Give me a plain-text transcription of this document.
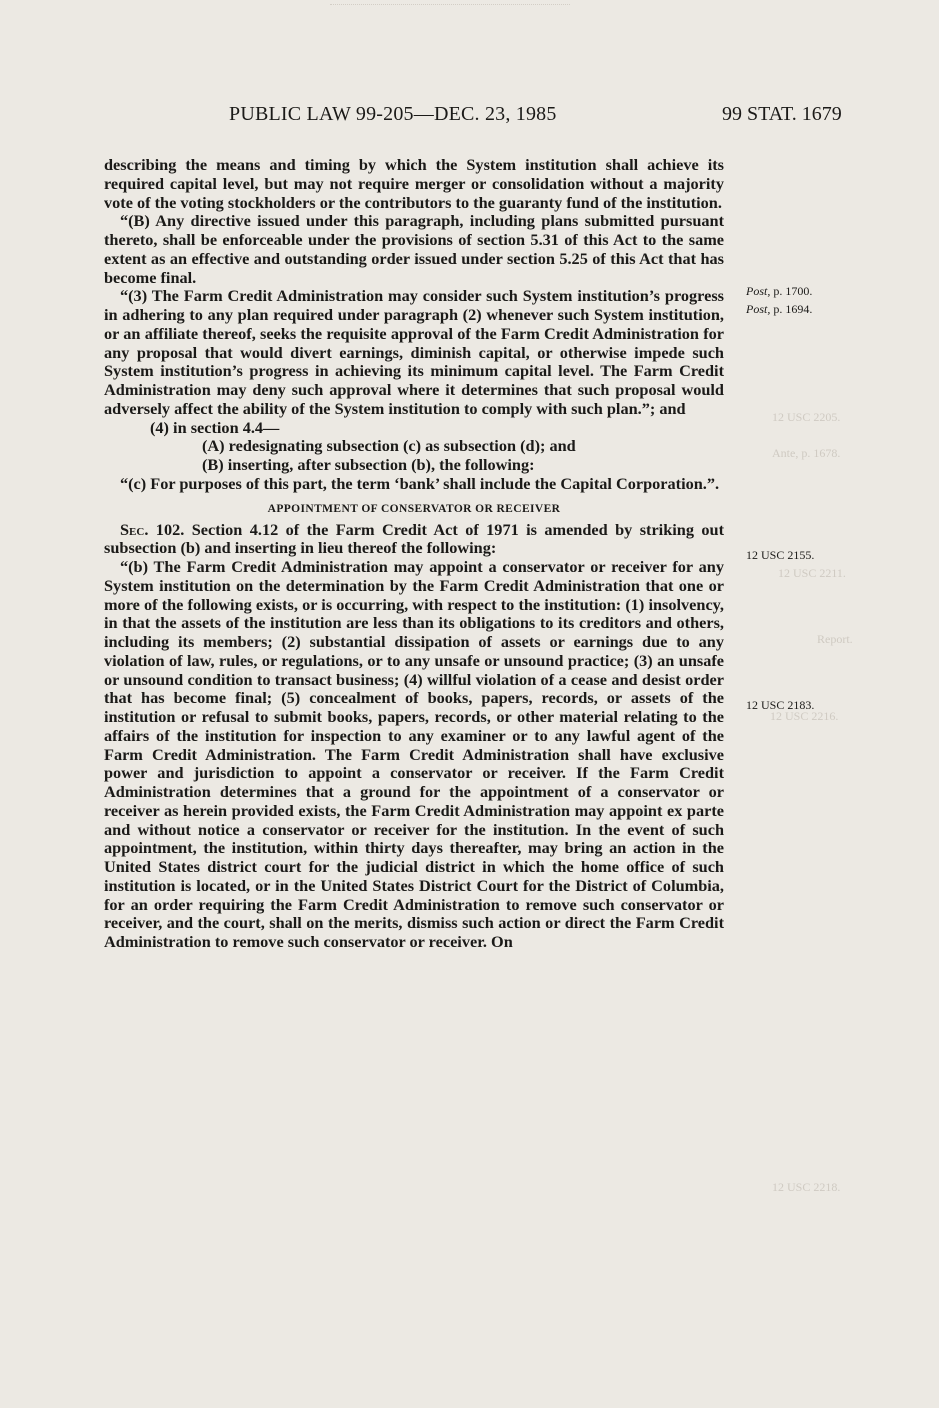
PUBLIC LAW 99-205—DEC. 23, 1985	99 STAT. 1679
12 USC 2205.
Ante, p. 1678.
12 USC 2211.
Report.
12 USC 2216.
12 USC 2218.
Post, p. 1700.
Post, p. 1694.
12 USC 2155.
12 USC 2183.

describing the means and timing by which the System institution shall achieve its required capital level, but may not require merger or consolidation without a majority vote of the voting stockholders or the contributors to the guaranty fund of the institution.

“(B) Any directive issued under this paragraph, including plans submitted pursuant thereto, shall be enforceable under the provisions of section 5.31 of this Act to the same extent as an effective and outstanding order issued under section 5.25 of this Act that has become final.

“(3) The Farm Credit Administration may consider such System institution’s progress in adhering to any plan required under paragraph (2) whenever such System institution, or an affiliate thereof, seeks the requisite approval of the Farm Credit Administration for any proposal that would divert earnings, diminish capital, or otherwise impede such System institution’s progress in achieving its minimum capital level. The Farm Credit Administration may deny such approval where it determines that such proposal would adversely affect the ability of the System institution to comply with such plan.”; and

(4) in section 4.4—

(A) redesignating subsection (c) as subsection (d); and

(B) inserting, after subsection (b), the following:

“(c) For purposes of this part, the term ‘bank’ shall include the Capital Corporation.”.

APPOINTMENT OF CONSERVATOR OR RECEIVER

Sec. 102. Section 4.12 of the Farm Credit Act of 1971 is amended by striking out subsection (b) and inserting in lieu thereof the following:

“(b) The Farm Credit Administration may appoint a conservator or receiver for any System institution on the determination by the Farm Credit Administration that one or more of the following exists, or is occurring, with respect to the institution: (1) insolvency, in that the assets of the institution are less than its obligations to its creditors and others, including its members; (2) substantial dissipation of assets or earnings due to any violation of law, rules, or regulations, or to any unsafe or unsound practice; (3) an unsafe or unsound condition to transact business; (4) willful violation of a cease and desist order that has become final; (5) concealment of books, papers, records, or assets of the institution or refusal to submit books, papers, records, or other material relating to the affairs of the institution for inspection to any examiner or to any lawful agent of the Farm Credit Administration. The Farm Credit Administration shall have exclusive power and jurisdiction to appoint a conservator or receiver. If the Farm Credit Administration determines that a ground for the appointment of a conservator or receiver as herein provided exists, the Farm Credit Administration may appoint ex parte and without notice a conservator or receiver for the institution. In the event of such appointment, the institution, within thirty days thereafter, may bring an action in the United States district court for the judicial district in which the home office of such institution is located, or in the United States District Court for the District of Columbia, for an order requiring the Farm Credit Administration to remove such conservator or receiver, and the court, shall on the merits, dismiss such action or direct the Farm Credit Administration to remove such conservator or receiver. On
